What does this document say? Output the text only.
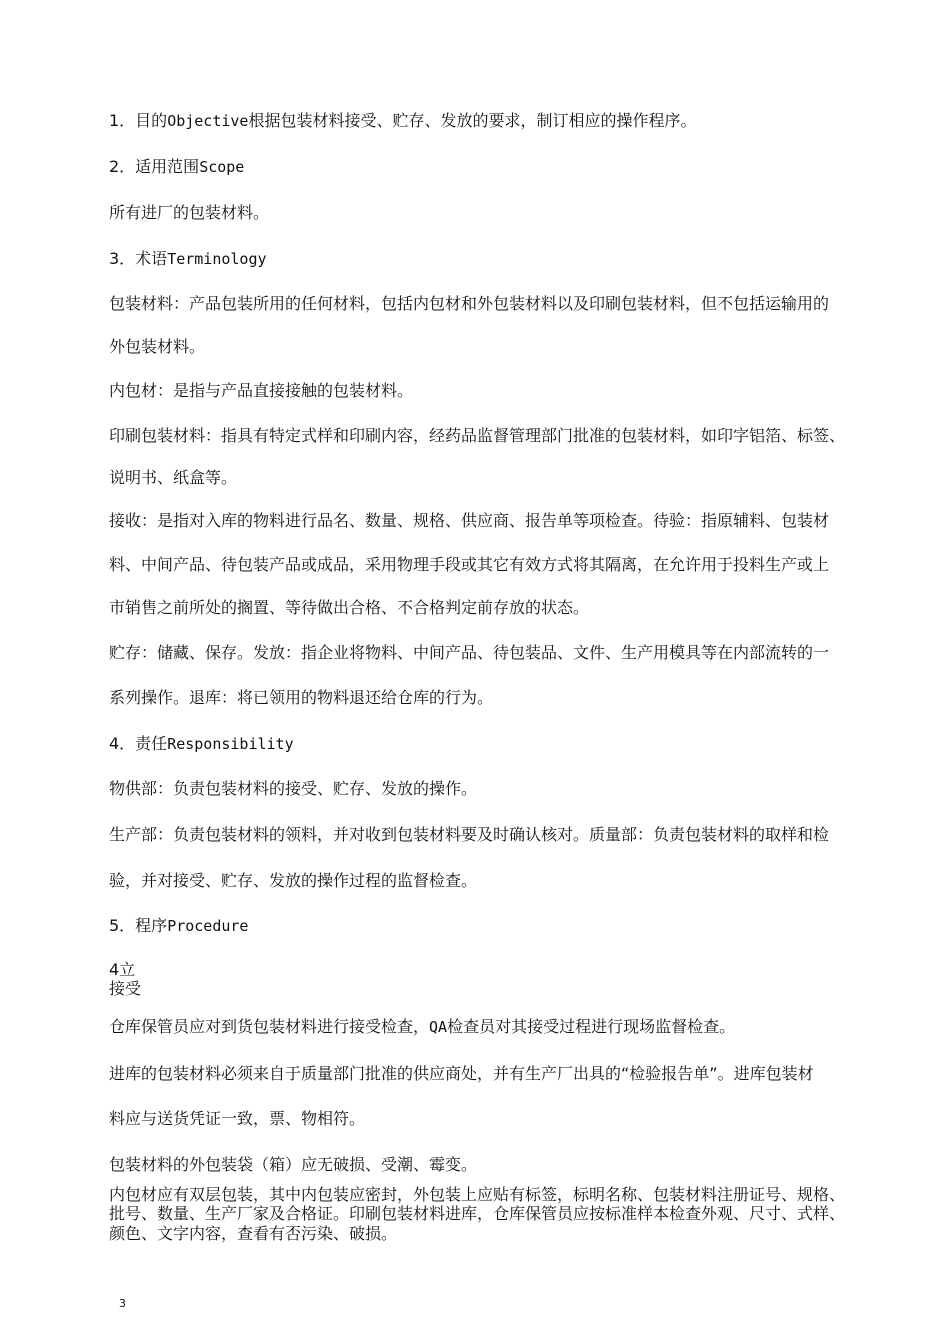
1．目的Objective根据包装材料接受、贮存、发放的要求，制订相应的操作程序。

2．适用范围Scope

所有进厂的包装材料。

3．术语Terminology

包装材料：产品包装所用的任何材料，包括内包材和外包装材料以及印刷包装材料，但不包括运输用的

外包装材料。

内包材：是指与产品直接接触的包装材料。

印刷包装材料：指具有特定式样和印刷内容，经药品监督管理部门批准的包装材料，如印字铝箔、标签、

说明书、纸盒等。

接收：是指对入库的物料进行品名、数量、规格、供应商、报告单等项检查。待验：指原辅料、包装材

料、中间产品、待包装产品或成品，采用物理手段或其它有效方式将其隔离，在允许用于投料生产或上

市销售之前所处的搁置、等待做出合格、不合格判定前存放的状态。

贮存：储藏、保存。发放：指企业将物料、中间产品、待包装品、文件、生产用模具等在内部流转的一

系列操作。退库：将已领用的物料退还给仓库的行为。

4．责任Responsibility

物供部：负责包装材料的接受、贮存、发放的操作。

生产部：负责包装材料的领料，并对收到包装材料要及时确认核对。质量部：负责包装材料的取样和检

验，并对接受、贮存、发放的操作过程的监督检查。

5．程序Procedure

4立

接受

仓库保管员应对到货包装材料进行接受检查，QA检查员对其接受过程进行现场监督检查。

进库的包装材料必须来自于质量部门批准的供应商处，并有生产厂出具的“检验报告单”。进库包装材

料应与送货凭证一致，票、物相符。

包装材料的外包装袋（箱）应无破损、受潮、霉变。

内包材应有双层包装，其中内包装应密封，外包装上应贴有标签，标明名称、包装材料注册证号、规格、

批号、数量、生产厂家及合格证。印刷包装材料进库，仓库保管员应按标准样本检查外观、尺寸、式样、

颜色、文字内容，查看有否污染、破损。

3
